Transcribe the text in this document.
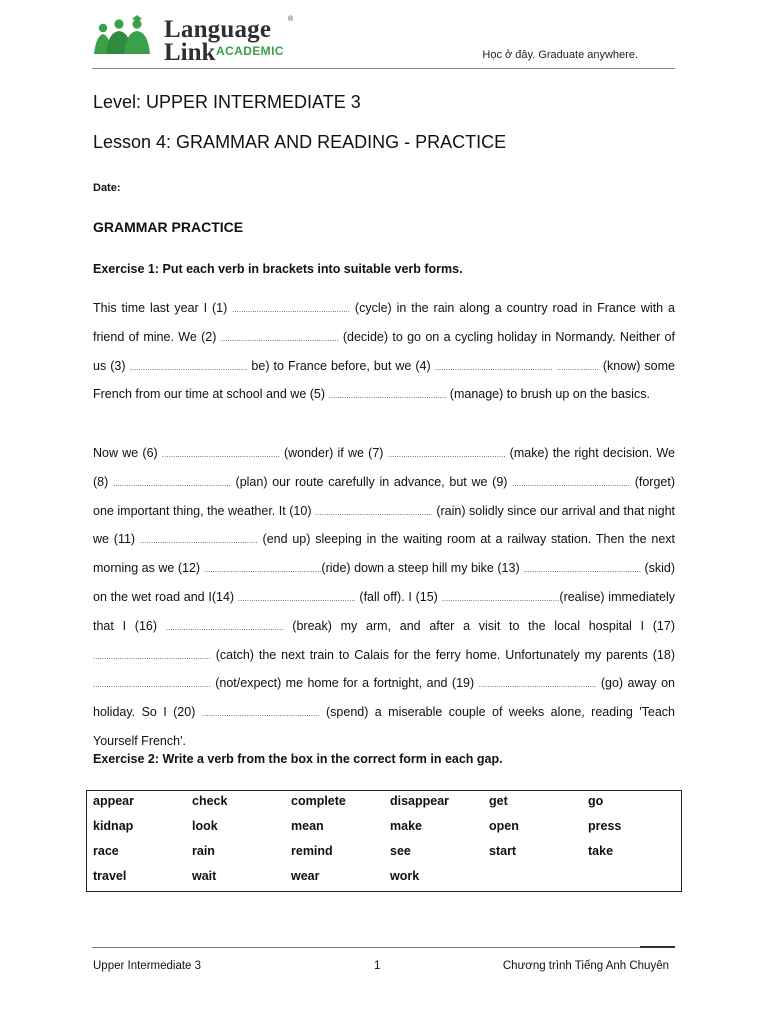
Language ®
Link ACADEMIC	Học ở đây. Graduate anywhere.
Level: UPPER INTERMEDIATE 3
Lesson 4: GRAMMAR AND READING - PRACTICE
Date:
GRAMMAR PRACTICE
Exercise 1: Put each verb in brackets into suitable verb forms.
This time last year I (1) ..................................................... (cycle) in the rain along a country road in France with a friend of mine. We (2) ..................................................... (decide) to go on a cycling holiday in Normandy. Neither of us (3) ..................................................... be) to France before, but we (4) ..................................................... ................... (know) some French from our time at school and we (5) ..................................................... (manage) to brush up on the basics.
Now we (6) ..................................................... (wonder) if we (7) ..................................................... (make) the right decision. We (8) ..................................................... (plan) our route carefully in advance, but we (9) ..................................................... (forget) one important thing, the weather. It (10) ..................................................... (rain) solidly since our arrival and that night we (11) ..................................................... (end up) sleeping in the waiting room at a railway station. Then the next morning as we (12) .....................................................(ride) down a steep hill my bike (13) ..................................................... (skid) on the wet road and I(14) ..................................................... (fall off). I (15) .....................................................(realise) immediately that I (16) ..................................................... (break) my arm, and after a visit to the local hospital I (17) ..................................................... (catch) the next train to Calais for the ferry home. Unfortunately my parents (18) ..................................................... (not/expect) me home for a fortnight, and (19) ..................................................... (go) away on holiday. So I (20) ..................................................... (spend) a miserable couple of weeks alone, reading 'Teach Yourself French'.
Exercise 2: Write a verb from the box in the correct form in each gap.
appear	check	complete	disappear	get	go
kidnap	look	mean	make	open	press
race	rain	remind	see	start	take
travel	wait	wear	work
Upper Intermediate 3	1	Chương trình Tiếng Anh Chuyên
